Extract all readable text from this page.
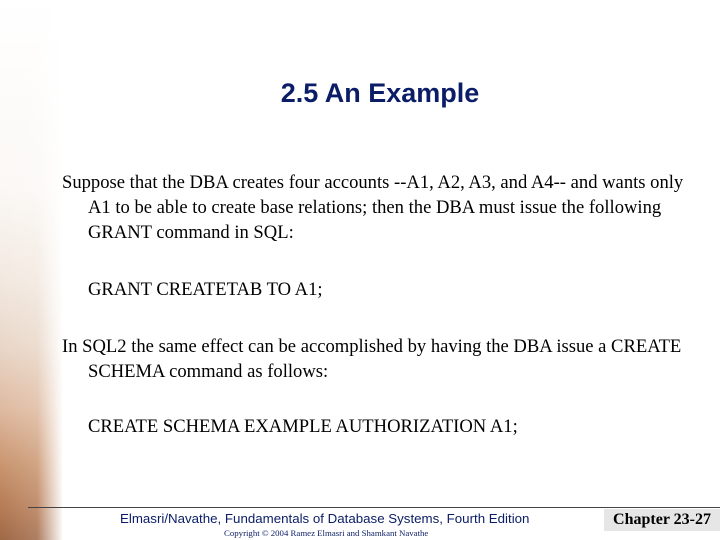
2.5 An Example

Suppose that the DBA creates four accounts --A1, A2, A3, and A4-- and wants only A1 to be able to create base relations; then the DBA must issue the following GRANT command in SQL:

GRANT CREATETAB TO A1;

In SQL2 the same effect can be accomplished by having the DBA issue a CREATE SCHEMA command as follows:

CREATE SCHEMA EXAMPLE AUTHORIZATION A1;

Elmasri/Navathe, Fundamentals of Database Systems, Fourth Edition
Copyright © 2004 Ramez Elmasri and Shamkant Navathe
Chapter 23-27
